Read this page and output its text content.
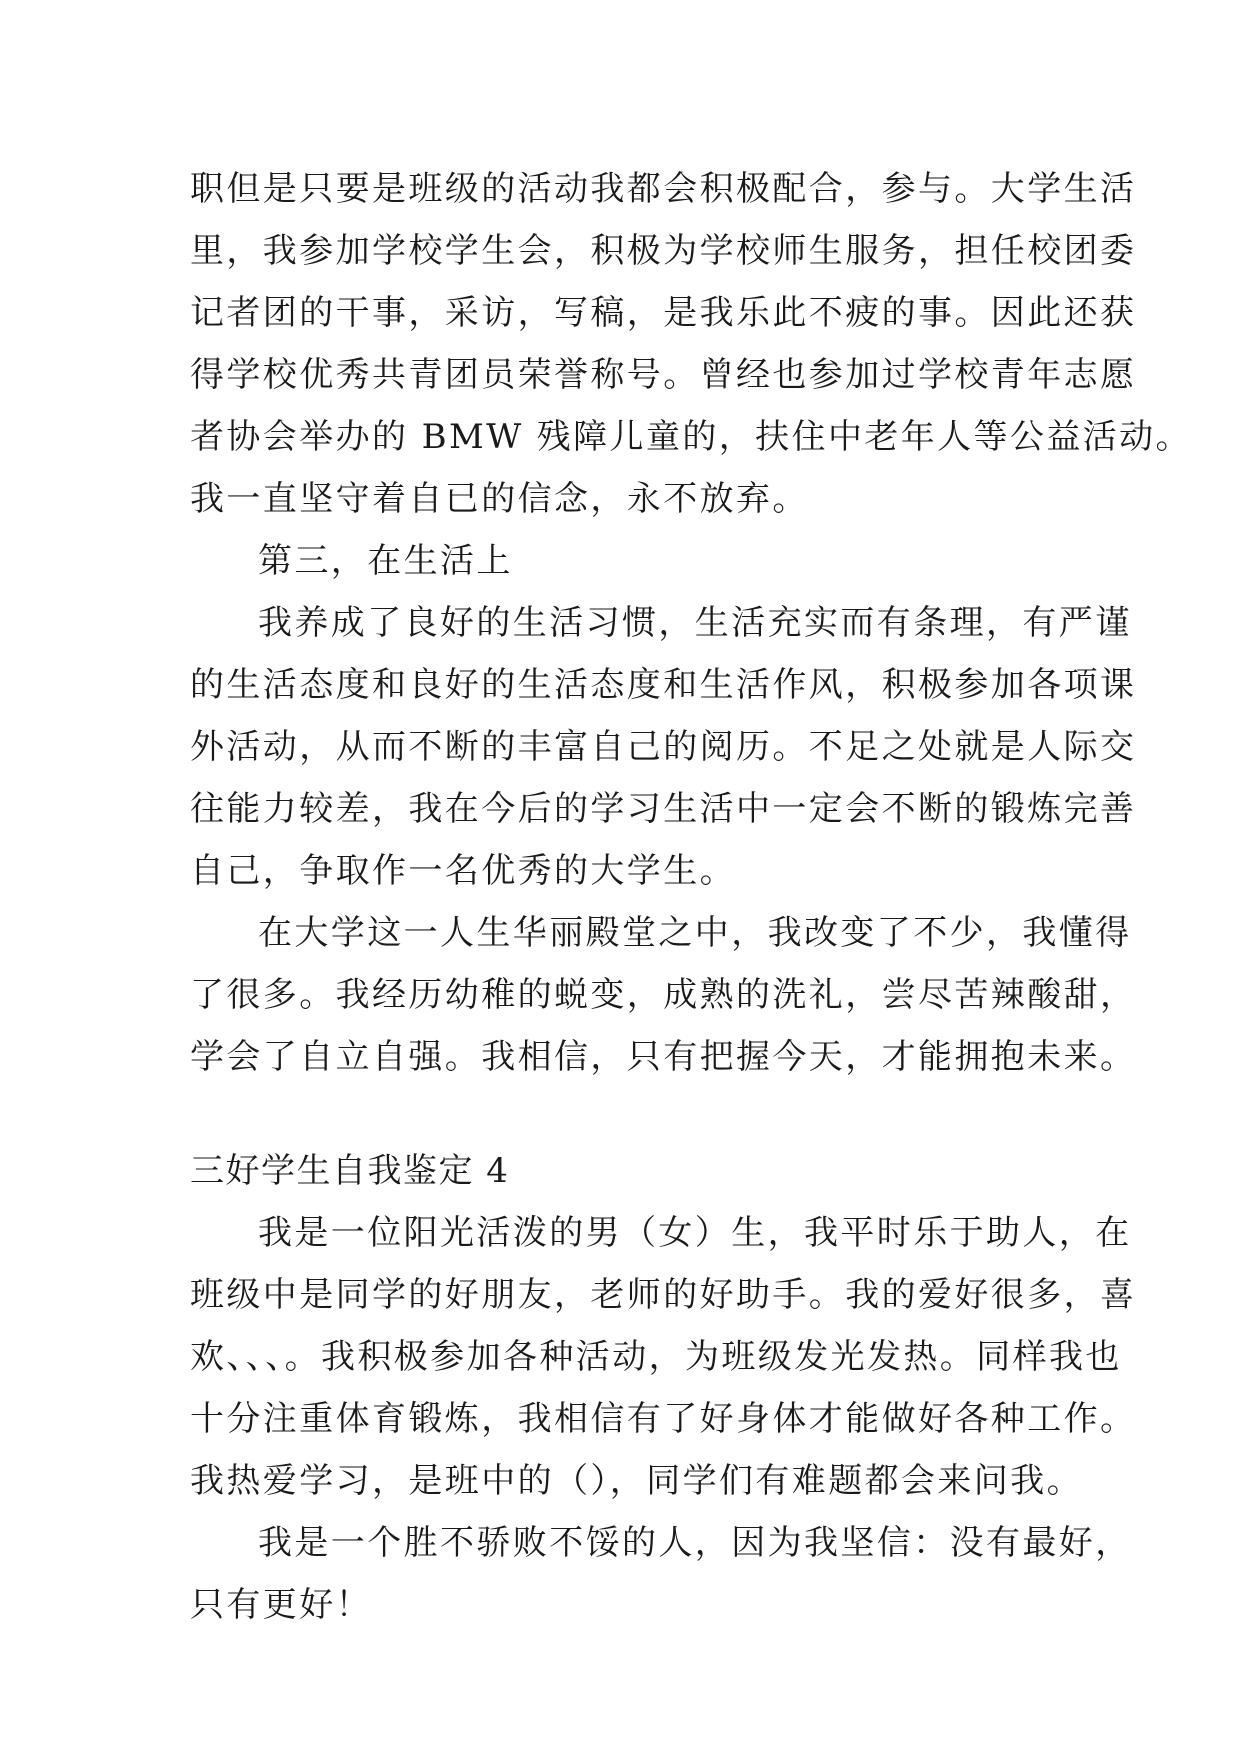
职但是只要是班级的活动我都会积极配合，参与。大学生活
里，我参加学校学生会，积极为学校师生服务，担任校团委
记者团的干事，采访，写稿，是我乐此不疲的事。因此还获
得学校优秀共青团员荣誉称号。曾经也参加过学校青年志愿
者协会举办的 BMW 残障儿童的，扶住中老年人等公益活动。
我一直坚守着自已的信念，永不放弃。
第三，在生活上
我养成了良好的生活习惯，生活充实而有条理，有严谨
的生活态度和良好的生活态度和生活作风，积极参加各项课
外活动，从而不断的丰富自己的阅历。不足之处就是人际交
往能力较差，我在今后的学习生活中一定会不断的锻炼完善
自己，争取作一名优秀的大学生。
在大学这一人生华丽殿堂之中，我改变了不少，我懂得
了很多。我经历幼稚的蜕变，成熟的洗礼，尝尽苦辣酸甜，
学会了自立自强。我相信，只有把握今天，才能拥抱未来。
三好学生自我鉴定 4
我是一位阳光活泼的男（女）生，我平时乐于助人，在
班级中是同学的好朋友，老师的好助手。我的爱好很多，喜
欢、、、。我积极参加各种活动，为班级发光发热。同样我也
十分注重体育锻炼，我相信有了好身体才能做好各种工作。
我热爱学习，是班中的（），同学们有难题都会来问我。
我是一个胜不骄败不馁的人，因为我坚信：没有最好，
只有更好！
